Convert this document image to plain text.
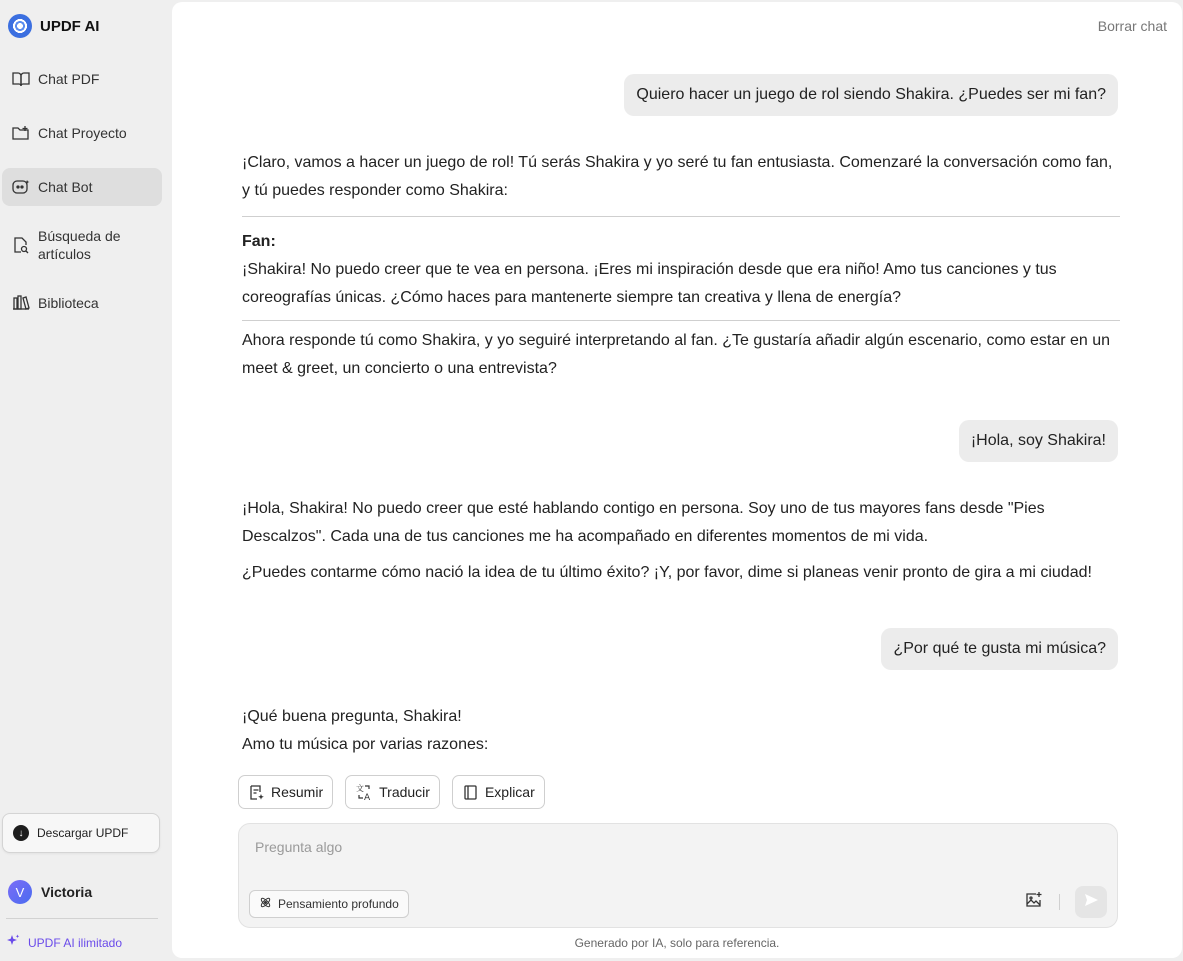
UPDF AI
Chat PDF
Chat Proyecto
Chat Bot
Búsqueda de
artículos
Biblioteca
↓	Descargar UPDF
V	Victoria
UPDF AI ilimitado
Borrar chat
Quiero hacer un juego de rol siendo Shakira. ¿Puedes ser mi fan?

¡Claro, vamos a hacer un juego de rol! Tú serás Shakira y yo seré tu fan entusiasta. Comenzaré la conversación como fan, y tú puedes responder como Shakira:

Fan:

¡Shakira! No puedo creer que te vea en persona. ¡Eres mi inspiración desde que era niño! Amo tus canciones y tus coreografías únicas. ¿Cómo haces para mantenerte siempre tan creativa y llena de energía?

Ahora responde tú como Shakira, y yo seguiré interpretando al fan. ¿Te gustaría añadir algún escenario, como estar en un meet & greet, un concierto o una entrevista?

¡Hola, soy Shakira!

¡Hola, Shakira! No puedo creer que esté hablando contigo en persona. Soy uno de tus mayores fans desde "Pies Descalzos". Cada una de tus canciones me ha acompañado en diferentes momentos de mi vida.

¿Puedes contarme cómo nació la idea de tu último éxito? ¡Y, por favor, dime si planeas venir pronto de gira a mi ciudad!

¿Por qué te gusta mi música?

¡Qué buena pregunta, Shakira!

Amo tu música por varias razones:

Resumir	文
A Traducir	Explicar
Pregunta algo
Pensamiento profundo
Generado por IA, solo para referencia.
